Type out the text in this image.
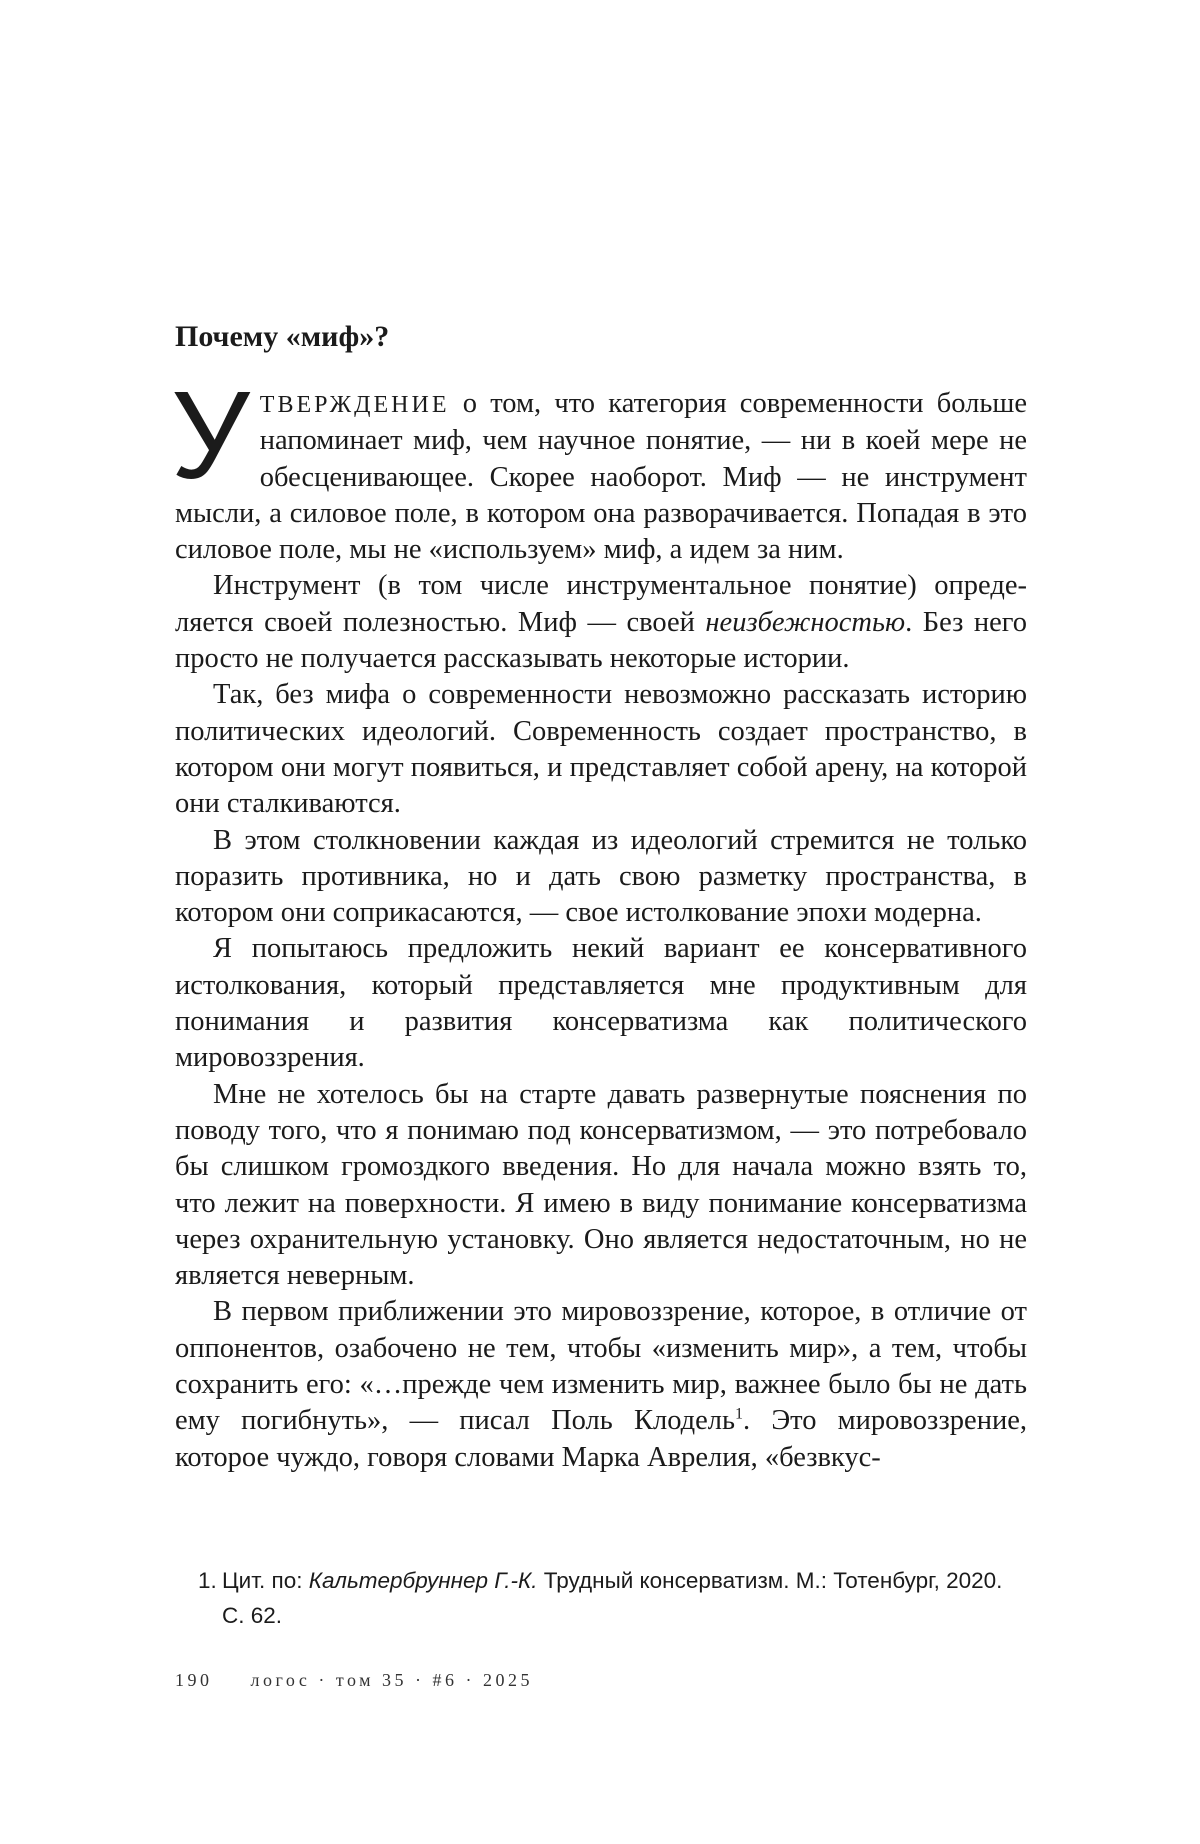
Почему «миф»?

УТВЕРЖДЕНИЕ о том, что категория современности больше напоминает миф, чем научное понятие, — ни в коей мере не обесценивающее. Скорее наоборот. Миф — не инструмент мысли, а силовое поле, в котором она разворачивается. Попадая в это силовое поле, мы не «используем» миф, а идем за ним.

Инструмент (в том числе инструментальное понятие) определяется своей полезностью. Миф — своей неизбежностью. Без него просто не получается рассказывать некоторые истории.

Так, без мифа о современности невозможно рассказать историю политических идеологий. Современность создает пространство, в котором они могут появиться, и представляет собой арену, на которой они сталкиваются.

В этом столкновении каждая из идеологий стремится не только поразить противника, но и дать свою разметку пространства, в котором они соприкасаются, — свое истолкование эпохи модерна.

Я попытаюсь предложить некий вариант ее консервативного истолкования, который представляется мне продуктивным для понимания и развития консерватизма как политического мировоззрения.

Мне не хотелось бы на старте давать развернутые пояснения по поводу того, что я понимаю под консерватизмом, — это потребовало бы слишком громоздкого введения. Но для начала можно взять то, что лежит на поверхности. Я имею в виду понимание консерватизма через охранительную установку. Оно является недостаточным, но не является неверным.

В первом приближении это мировоззрение, которое, в отличие от оппонентов, озабочено не тем, чтобы «изменить мир», а тем, чтобы сохранить его: «…прежде чем изменить мир, важнее было бы не дать ему погибнуть», — писал Поль Клодель$^1$. Это мировоззрение, которое чуждо, говоря словами Марка Аврелия, «безвкус-

1. Цит. по: Кальтербруннер Г.-К. Трудный консерватизм. М.: Тотенбург, 2020. С. 62.
190 логос · том 35 · #6 · 2025
